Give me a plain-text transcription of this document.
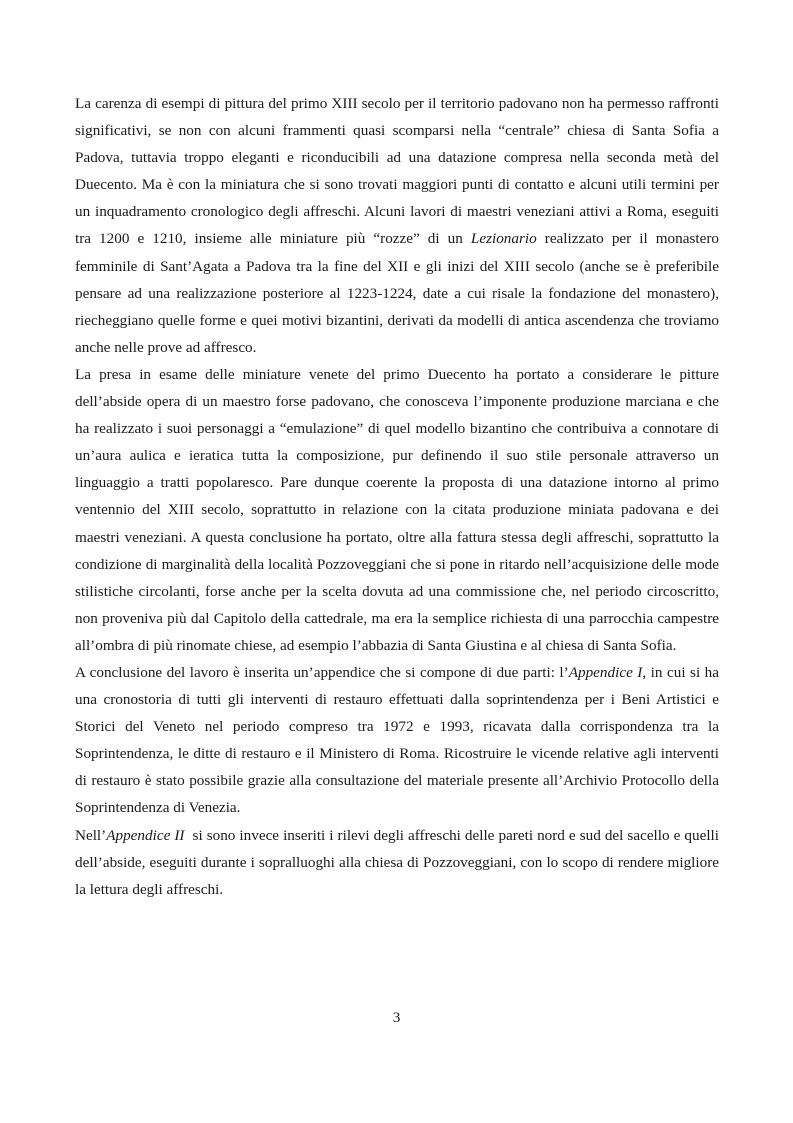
La carenza di esempi di pittura del primo XIII secolo per il territorio padovano non ha permesso raffronti significativi, se non con alcuni frammenti quasi scomparsi nella “centrale” chiesa di Santa Sofia a Padova, tuttavia troppo eleganti e riconducibili ad una datazione compresa nella seconda metà del Duecento. Ma è con la miniatura che si sono trovati maggiori punti di contatto e alcuni utili termini per un inquadramento cronologico degli affreschi. Alcuni lavori di maestri veneziani attivi a Roma, eseguiti tra 1200 e 1210, insieme alle miniature più “rozze” di un Lezionario realizzato per il monastero femminile di Sant’Agata a Padova tra la fine del XII e gli inizi del XIII secolo (anche se è preferibile pensare ad una realizzazione posteriore al 1223-1224, date a cui risale la fondazione del monastero), riecheggiano quelle forme e quei motivi bizantini, derivati da modelli di antica ascendenza che troviamo anche nelle prove ad affresco.

La presa in esame delle miniature venete del primo Duecento ha portato a considerare le pitture dell’abside opera di un maestro forse padovano, che conosceva l’imponente produzione marciana e che ha realizzato i suoi personaggi a “emulazione” di quel modello bizantino che contribuiva a connotare di un’aura aulica e ieratica tutta la composizione, pur definendo il suo stile personale attraverso un linguaggio a tratti popolaresco. Pare dunque coerente la proposta di una datazione intorno al primo ventennio del XIII secolo, soprattutto in relazione con la citata produzione miniata padovana e dei maestri veneziani. A questa conclusione ha portato, oltre alla fattura stessa degli affreschi, soprattutto la condizione di marginalità della località Pozzoveggiani che si pone in ritardo nell’acquisizione delle mode stilistiche circolanti, forse anche per la scelta dovuta ad una commissione che, nel periodo circoscritto, non proveniva più dal Capitolo della cattedrale, ma era la semplice richiesta di una parrocchia campestre all’ombra di più rinomate chiese, ad esempio l’abbazia di Santa Giustina e al chiesa di Santa Sofia.

A conclusione del lavoro è inserita un’appendice che si compone di due parti: l’Appendice I, in cui si ha una cronostoria di tutti gli interventi di restauro effettuati dalla soprintendenza per i Beni Artistici e Storici del Veneto nel periodo compreso tra 1972 e 1993, ricavata dalla corrispondenza tra la Soprintendenza, le ditte di restauro e il Ministero di Roma. Ricostruire le vicende relative agli interventi di restauro è stato possibile grazie alla consultazione del materiale presente all’Archivio Protocollo della Soprintendenza di Venezia.

Nell’Appendice II  si sono invece inseriti i rilevi degli affreschi delle pareti nord e sud del sacello e quelli dell’abside, eseguiti durante i sopralluoghi alla chiesa di Pozzoveggiani, con lo scopo di rendere migliore la lettura degli affreschi.

3
